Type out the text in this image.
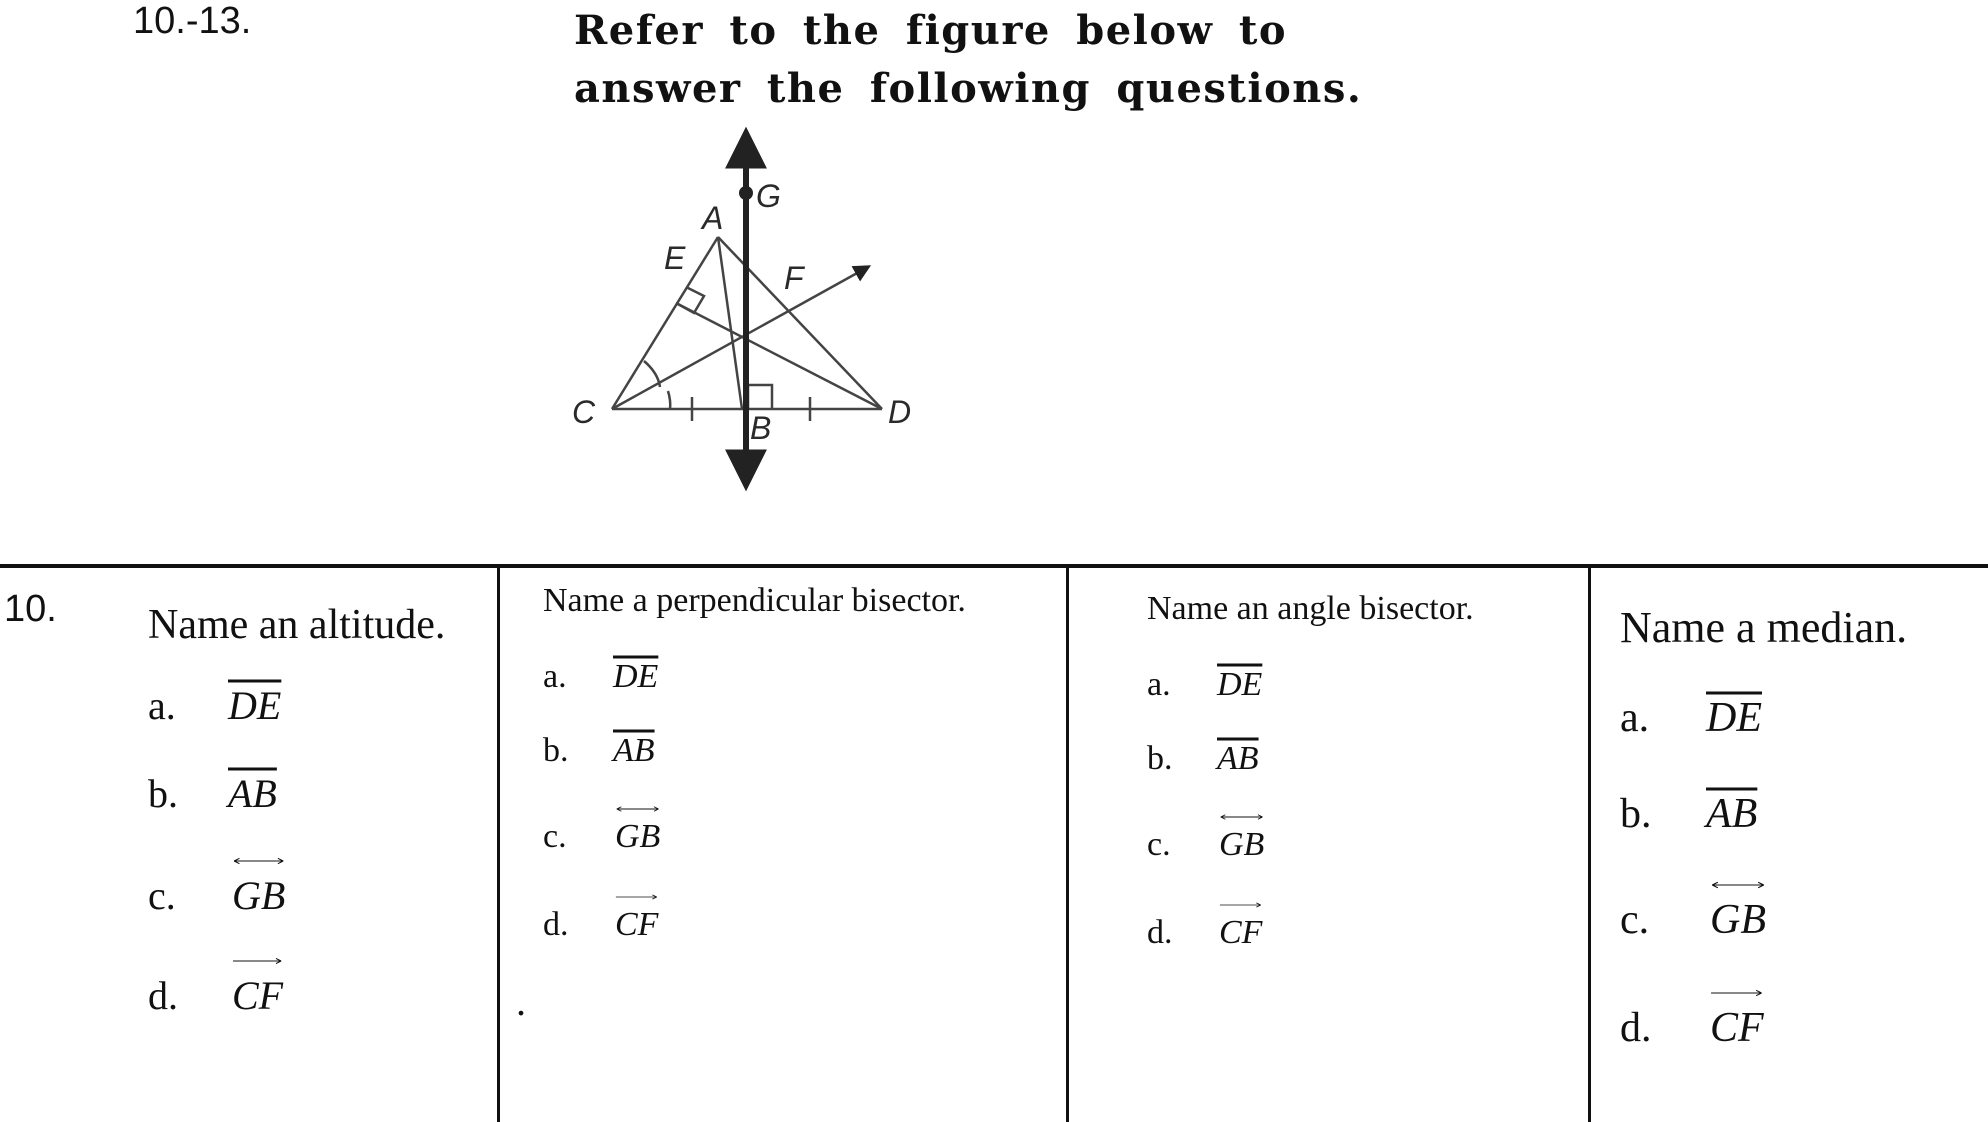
10.-13.	Refer to the figure below to answer the following questions.
G
A
E
F
C	D
B
10. Name an altitude.
a. DE
b. AB
c. GB
d. CF
Name a perpendicular bisector.
a. DE
b. AB
c. GB
d. CF
.
Name an angle bisector.
a. DE
b. AB
c. GB
d. CF
Name a median.
a. DE
b. AB
c. GB
d. CF
